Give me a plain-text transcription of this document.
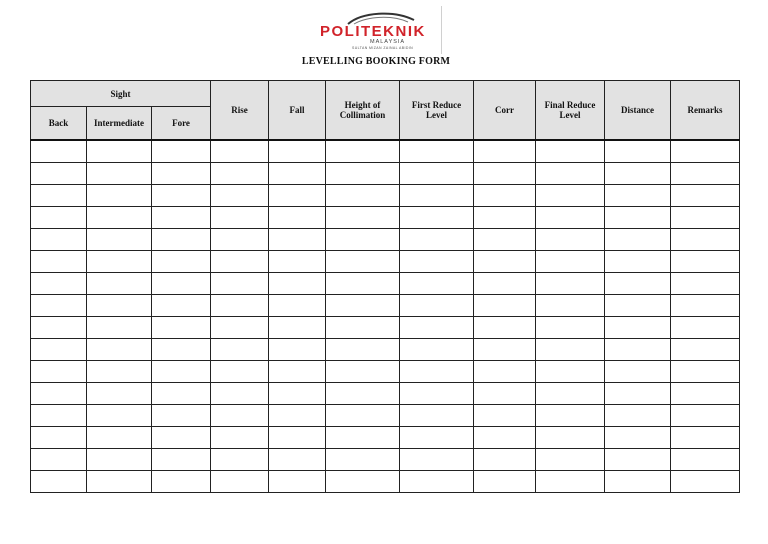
POLITEKNIK
MALAYSIA
SULTAN MIZAN ZAINAL ABIDIN
LEVELLING BOOKING FORM
Sight			Rise	Fall	Height of Collimation	First Reduce Level	Corr	Final Reduce Level	Distance	Remarks
Back	Intermediate	Fore								
